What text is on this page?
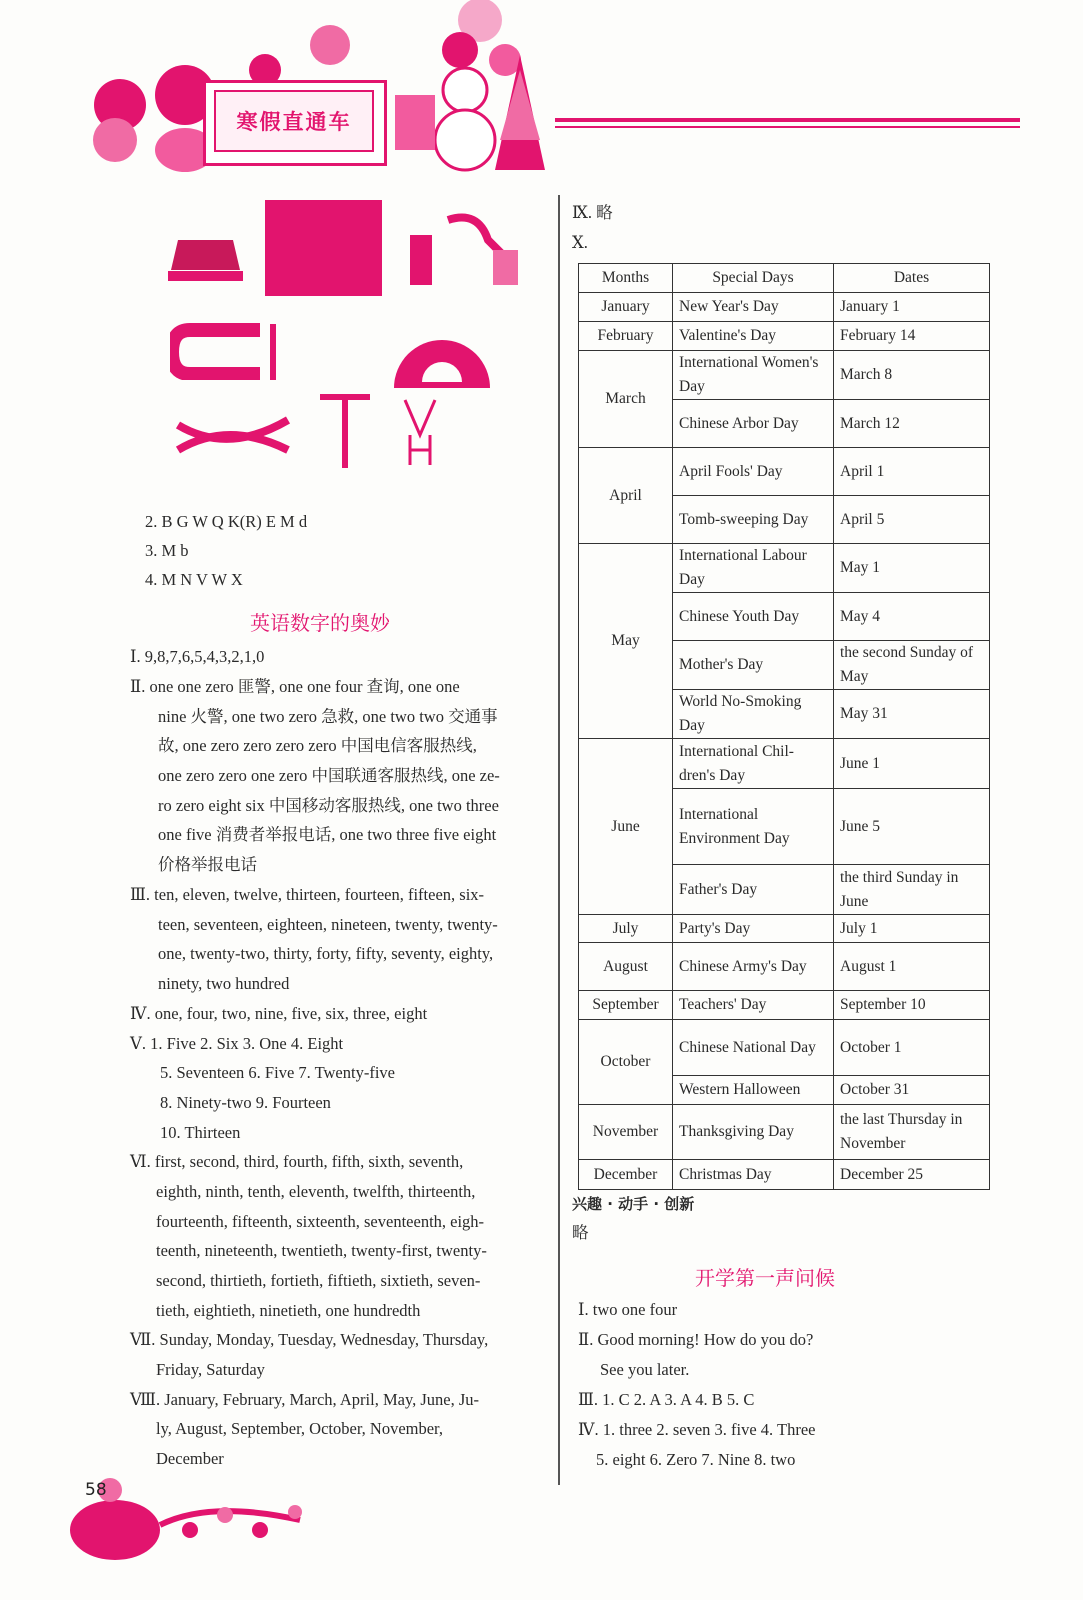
寒假直通车
2. B G W Q K(R) E M d
3. M b
4. M N V W X
英语数字的奥妙
Ⅰ. 9,8,7,6,5,4,3,2,1,0
Ⅱ. one one zero 匪警, one one four 查询, one one
nine 火警, one two zero 急救, one two two 交通事
故, one zero zero zero zero 中国电信客服热线,
one zero zero one zero 中国联通客服热线, one ze-
ro zero eight six 中国移动客服热线, one two three
one five 消费者举报电话, one two three five eight
价格举报电话
Ⅲ. ten, eleven, twelve, thirteen, fourteen, fifteen, six-
teen, seventeen, eighteen, nineteen, twenty, twenty-
one, twenty-two, thirty, forty, fifty, seventy, eighty,
ninety, two hundred
Ⅳ. one, four, two, nine, five, six, three, eight
Ⅴ. 1. Five 2. Six 3. One 4. Eight
5. Seventeen 6. Five 7. Twenty-five
8. Ninety-two 9. Fourteen
10. Thirteen
Ⅵ. first, second, third, fourth, fifth, sixth, seventh,
eighth, ninth, tenth, eleventh, twelfth, thirteenth,
fourteenth, fifteenth, sixteenth, seventeenth, eigh-
teenth, nineteenth, twentieth, twenty-first, twenty-
second, thirtieth, fortieth, fiftieth, sixtieth, seven-
tieth, eightieth, ninetieth, one hundredth
Ⅶ. Sunday, Monday, Tuesday, Wednesday, Thursday,
Friday, Saturday
Ⅷ. January, February, March, April, May, June, Ju-
ly, August, September, October, November,
December
Ⅸ. 略
Ⅹ.
Months	Special Days	Dates
January	New Year's Day	January 1
February	Valentine's Day	February 14
March	International Women's Day	March 8
	Chinese Arbor Day	March 12
April	April Fools' Day	April 1
	Tomb-sweeping Day	April 5
May	International Labour Day	May 1
	Chinese Youth Day	May 4
	Mother's Day	the second Sunday of May
	World No-Smoking Day	May 31
June	International Chil-dren's Day	June 1
	International Environment Day	June 5
	Father's Day	the third Sunday in June
July	Party's Day	July 1
August	Chinese Army's Day	August 1
September	Teachers' Day	September 10
October	Chinese National Day	October 1
	Western Halloween	October 31
November	Thanksgiving Day	the last Thursday in November
December	Christmas Day	December 25
兴趣 · 动手 · 创新
略
开学第一声问候
Ⅰ. two one four
Ⅱ. Good morning! How do you do?
See you later.
Ⅲ. 1. C 2. A 3. A 4. B 5. C
Ⅳ. 1. three 2. seven 3. five 4. Three
5. eight 6. Zero 7. Nine 8. two
58
